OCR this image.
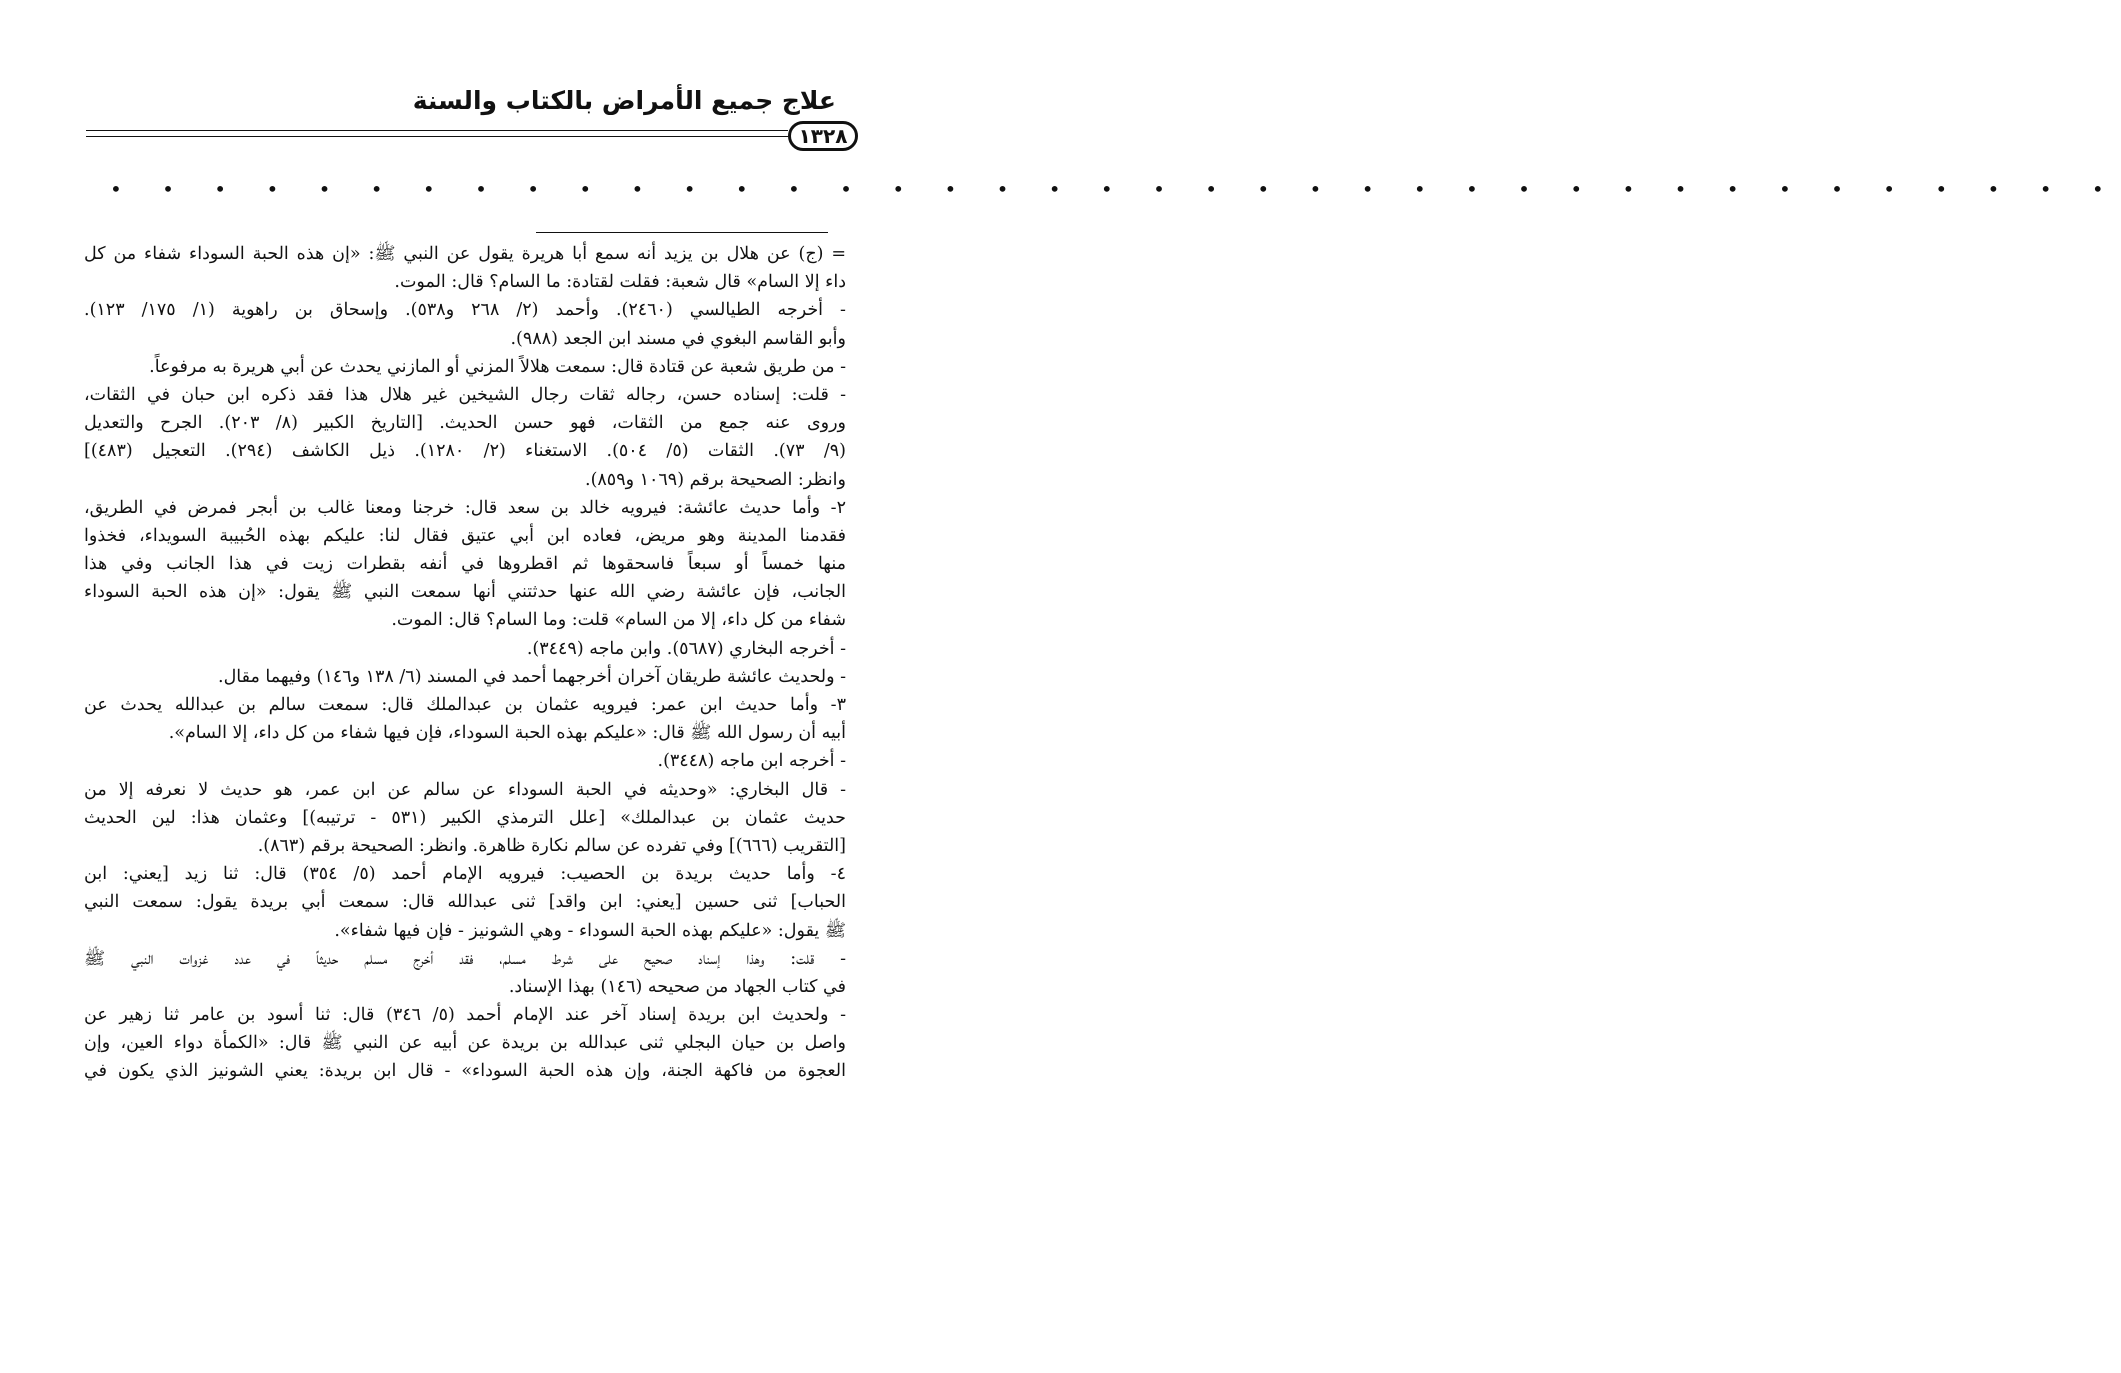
علاج جميع الأمراض بالكتاب والسنة
١٣٢٨
• • • • • • • • • • • • • • • • • • • • • • • • • • • • • • • • • • • • • • •
= (ج) عن هلال بن يزيد أنه سمع أبا هريرة يقول عن النبي ﷺ: «إن هذه الحبة السوداء شفاء من كل
داء إلا السام» قال شعبة: فقلت لقتادة: ما السام؟ قال: الموت.
- أخرجه الطيالسي (٢٤٦٠). وأحمد (٢/ ٢٦٨ و٥٣٨). وإسحاق بن راهوية (١/ ١٧٥/ ١٢٣).
وأبو القاسم البغوي في مسند ابن الجعد (٩٨٨).
- من طريق شعبة عن قتادة قال: سمعت هلالاً المزني أو المازني يحدث عن أبي هريرة به مرفوعاً.
- قلت: إسناده حسن، رجاله ثقات رجال الشيخين غير هلال هذا فقد ذكره ابن حبان في الثقات،
وروى عنه جمع من الثقات، فهو حسن الحديث. [التاريخ الكبير (٨/ ٢٠٣). الجرح والتعديل
(٩/ ٧٣). الثقات (٥/ ٥٠٤). الاستغناء (٢/ ١٢٨٠). ذيل الكاشف (٢٩٤). التعجيل (٤٨٣)]
وانظر: الصحيحة برقم (١٠٦٩ و٨٥٩).
٢- وأما حديث عائشة: فيرويه خالد بن سعد قال: خرجنا ومعنا غالب بن أبجر فمرض في الطريق،
فقدمنا المدينة وهو مريض، فعاده ابن أبي عتيق فقال لنا: عليكم بهذه الحُبيبة السويداء، فخذوا
منها خمساً أو سبعاً فاسحقوها ثم اقطروها في أنفه بقطرات زيت في هذا الجانب وفي هذا
الجانب، فإن عائشة رضي الله عنها حدثتني أنها سمعت النبي ﷺ يقول: «إن هذه الحبة السوداء
شفاء من كل داء، إلا من السام» قلت: وما السام؟ قال: الموت.
- أخرجه البخاري (٥٦٨٧). وابن ماجه (٣٤٤٩).
- ولحديث عائشة طريقان آخران أخرجهما أحمد في المسند (٦/ ١٣٨ و١٤٦) وفيهما مقال.
٣- وأما حديث ابن عمر: فيرويه عثمان بن عبدالملك قال: سمعت سالم بن عبدالله يحدث عن
أبيه أن رسول الله ﷺ قال: «عليكم بهذه الحبة السوداء، فإن فيها شفاء من كل داء، إلا السام».
- أخرجه ابن ماجه (٣٤٤٨).
- قال البخاري: «وحديثه في الحبة السوداء عن سالم عن ابن عمر، هو حديث لا نعرفه إلا من
حديث عثمان بن عبدالملك» [علل الترمذي الكبير (٥٣١ - ترتيبه)] وعثمان هذا: لين الحديث
[التقريب (٦٦٦)] وفي تفرده عن سالم نكارة ظاهرة. وانظر: الصحيحة برقم (٨٦٣).
٤- وأما حديث بريدة بن الحصيب: فيرويه الإمام أحمد (٥/ ٣٥٤) قال: ثنا زيد [يعني: ابن
الحباب] ثنى حسين [يعني: ابن واقد] ثنى عبدالله قال: سمعت أبي بريدة يقول: سمعت النبي
ﷺ يقول: «عليكم بهذه الحبة السوداء - وهي الشونيز - فإن فيها شفاء».
- قلت: وهذا إسناد صحيح على شرط مسلم، فقد أخرج مسلم حديثاً في عدد غزوات النبي ﷺ
في كتاب الجهاد من صحيحه (١٤٦) بهذا الإسناد.
- ولحديث ابن بريدة إسناد آخر عند الإمام أحمد (٥/ ٣٤٦) قال: ثنا أسود بن عامر ثنا زهير عن
واصل بن حيان البجلي ثنى عبدالله بن بريدة عن أبيه عن النبي ﷺ قال: «الكمأة دواء العين، وإن
العجوة من فاكهة الجنة، وإن هذه الحبة السوداء» - قال ابن بريدة: يعني الشونيز الذي يكون في
